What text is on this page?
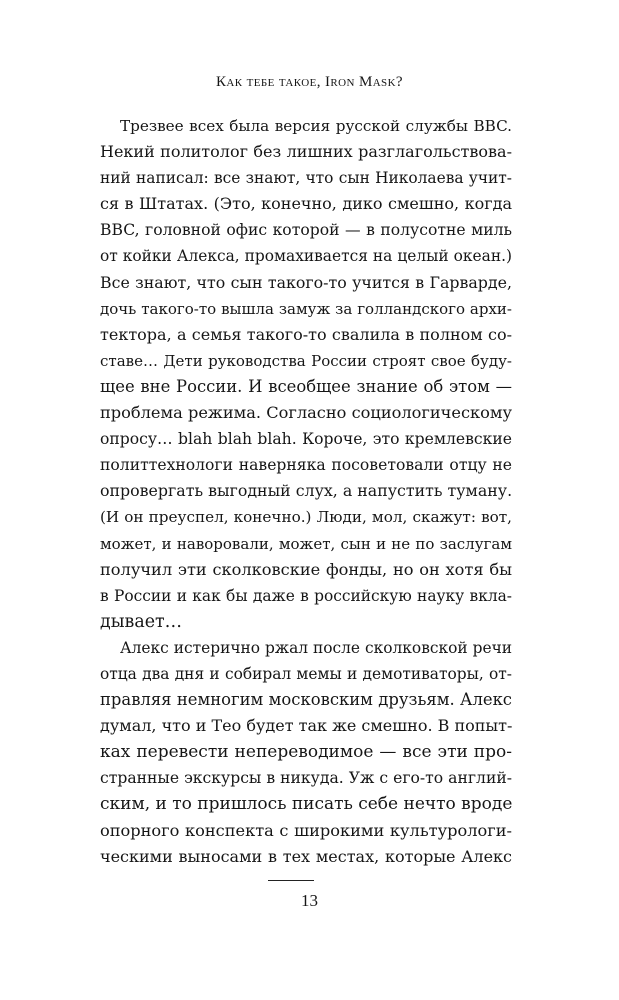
Как тебе такое, Iron Mask?
Трезвее всех была версия русской службы BBC.
Некий политолог без лишних разглагольствова-
ний написал: все знают, что сын Николаева учит-
ся в Штатах. (Это, конечно, дико смешно, когда
BBC, головной офис которой — в полусотне миль
от койки Алекса, промахивается на целый океан.)
Все знают, что сын такого-то учится в Гарварде,
дочь такого-то вышла замуж за голландского архи-
тектора, а семья такого-то свалила в полном со-
ставе… Дети руководства России строят свое буду-
щее вне России. И всеобщее знание об этом —
проблема режима. Согласно социологическому
опросу… blah blah blah. Короче, это кремлевские
политтехнологи наверняка посоветовали отцу не
опровергать выгодный слух, а напустить туману.
(И он преуспел, конечно.) Люди, мол, скажут: вот,
может, и наворовали, может, сын и не по заслугам
получил эти сколковские фонды, но он хотя бы
в России и как бы даже в российскую науку вкла-
дывает…
Алекс истерично ржал после сколковской речи
отца два дня и собирал мемы и демотиваторы, от-
правляя немногим московским друзьям. Алекс
думал, что и Тео будет так же смешно. В попыт-
ках перевести непереводимое — все эти про-
странные экскурсы в никуда. Уж с его-то англий-
ским, и то пришлось писать себе нечто вроде
опорного конспекта с широкими культурологи-
ческими выносами в тех местах, которые Алекс
13
